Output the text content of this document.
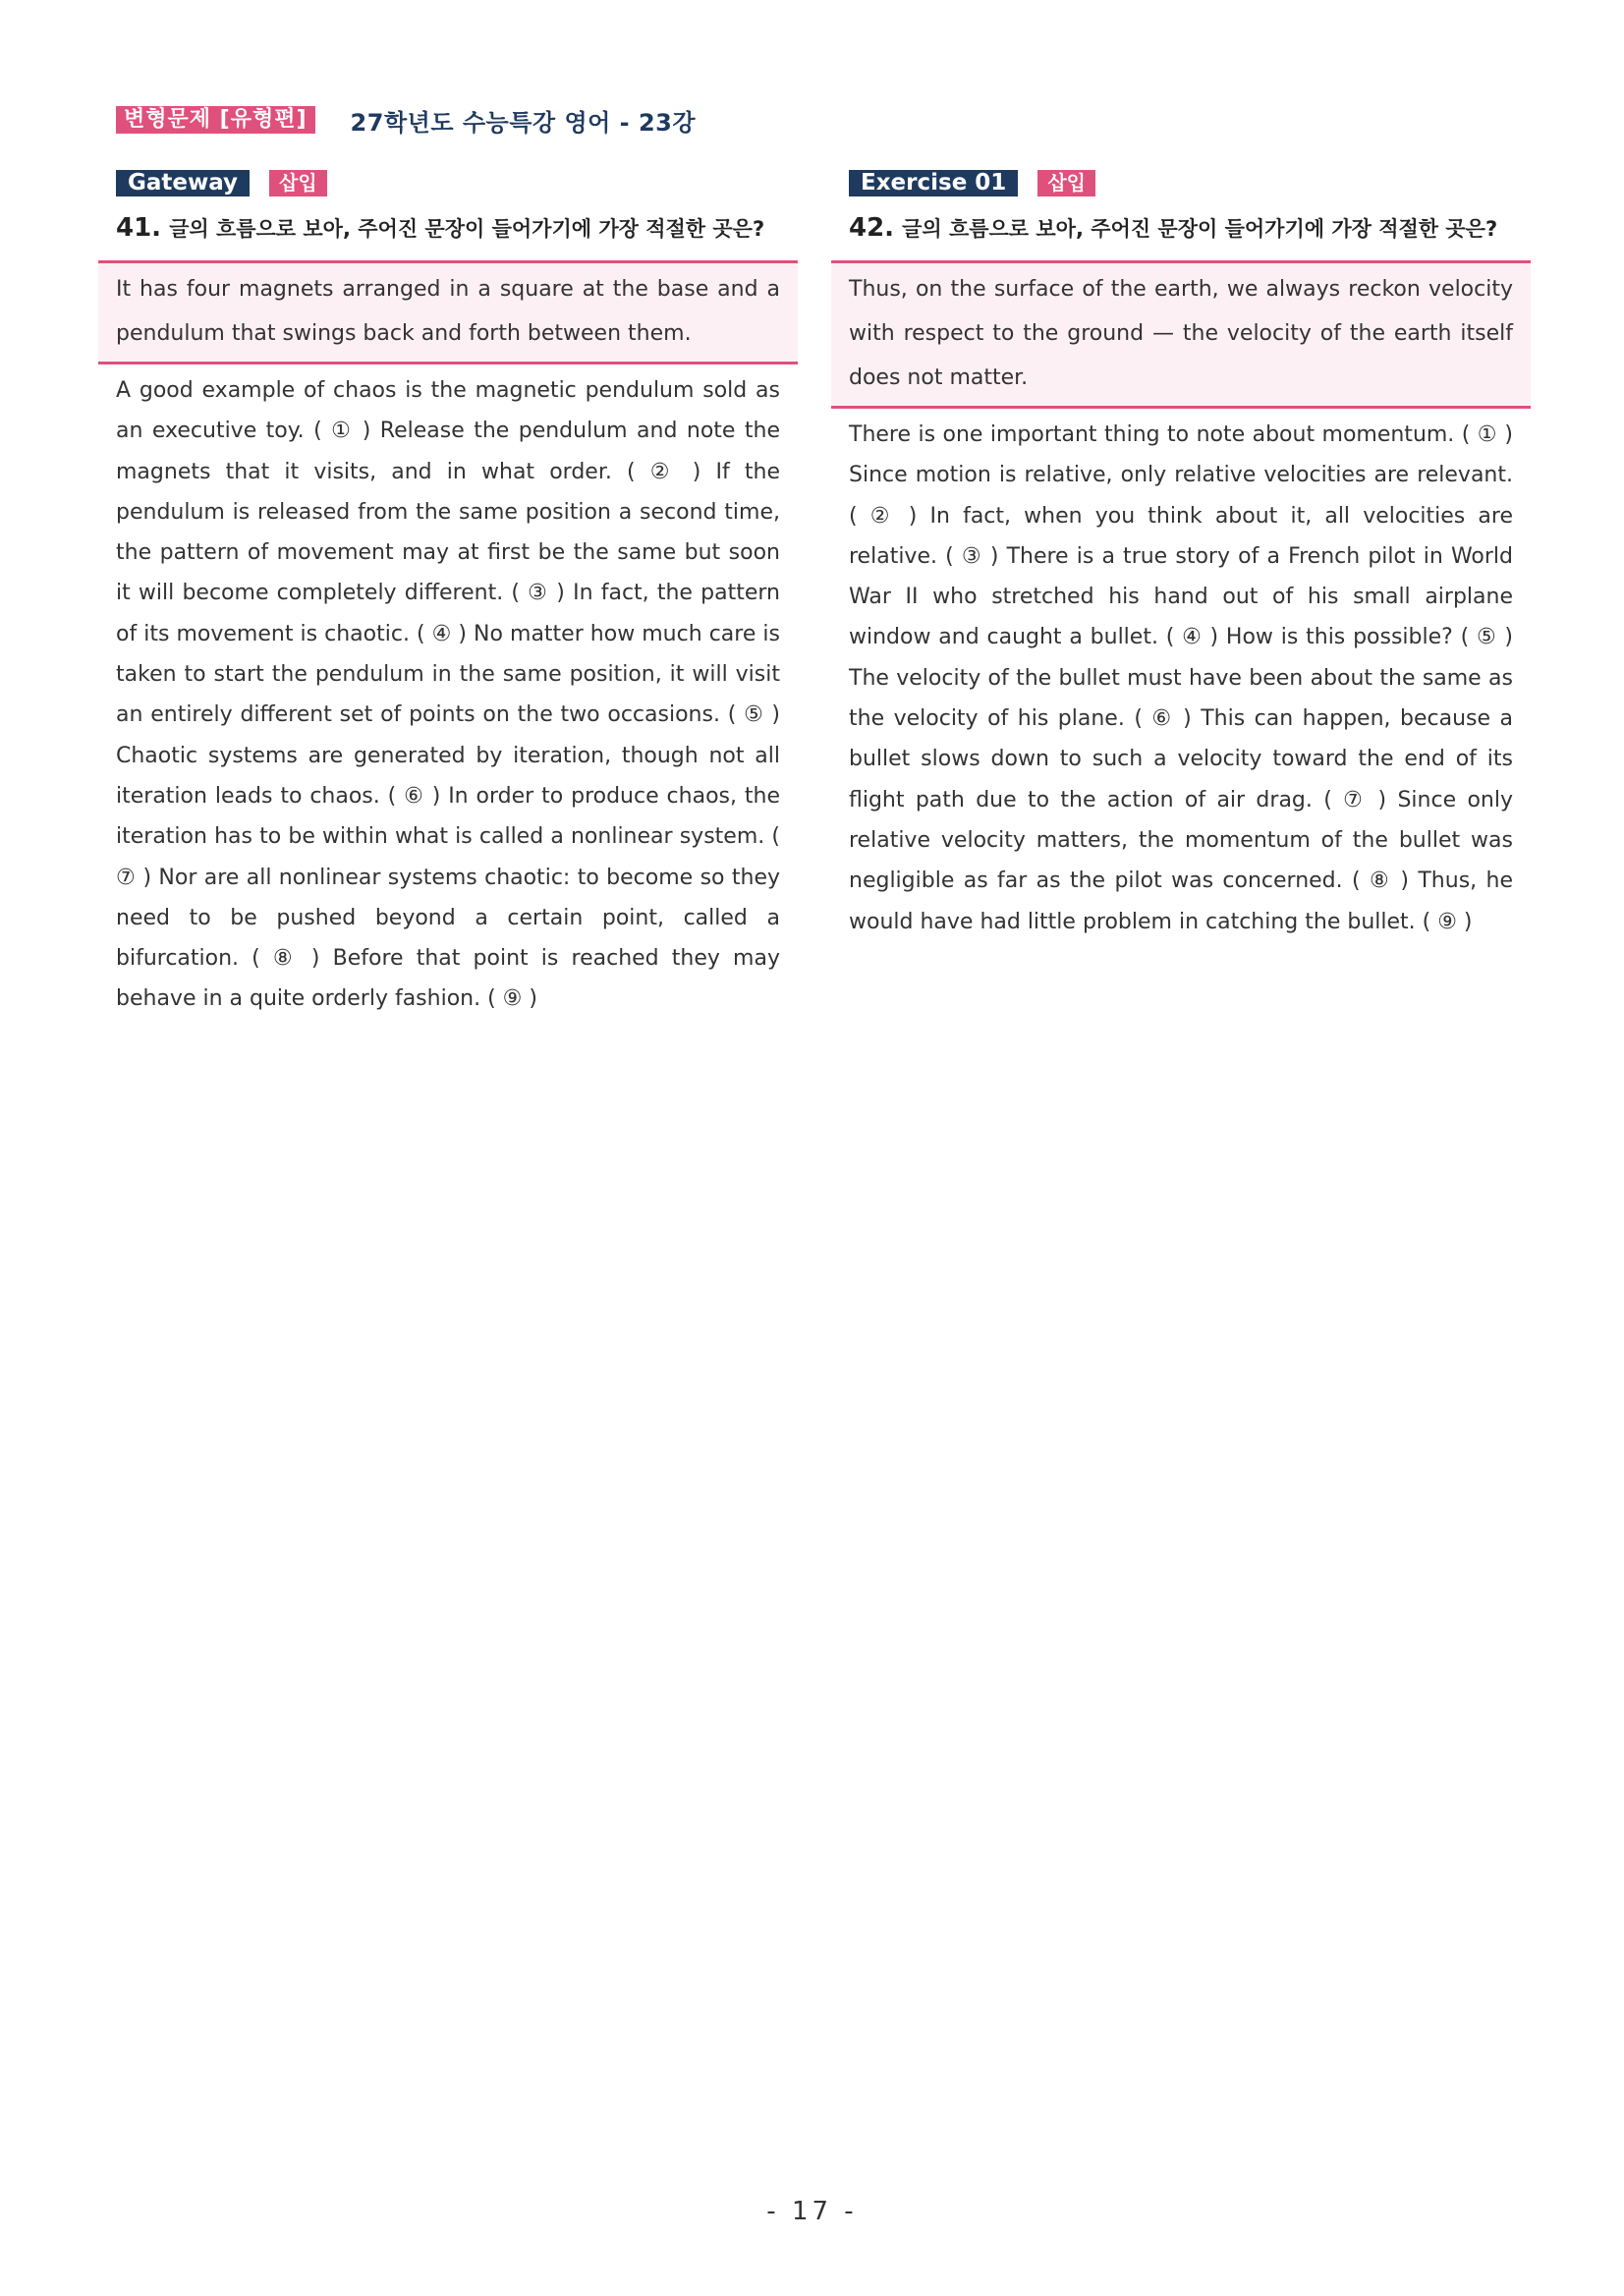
변형문제 [유형편]	27학년도 수능특강 영어 - 23강
Gateway	삽입
41. 글의 흐름으로 보아, 주어진 문장이 들어가기에 가장 적절한 곳은?
It has four magnets arranged in a square at the base and a pendulum that swings back and forth between them.
A good example of chaos is the magnetic pendulum sold as an executive toy. ( ① ) Release the pendulum and note the magnets that it visits, and in what order. ( ② ) If the pendulum is released from the same position a second time, the pattern of movement may at first be the same but soon it will become completely different. ( ③ ) In fact, the pattern of its movement is chaotic. ( ④ ) No matter how much care is taken to start the pendulum in the same position, it will visit an entirely different set of points on the two occasions. ( ⑤ ) Chaotic systems are generated by iteration, though not all iteration leads to chaos. ( ⑥ ) In order to produce chaos, the iteration has to be within what is called a nonlinear system. ( ⑦ ) Nor are all nonlinear systems chaotic: to become so they need to be pushed beyond a certain point, called a bifurcation. ( ⑧ ) Before that point is reached they may behave in a quite orderly fashion. ( ⑨ )
Exercise 01	삽입
42. 글의 흐름으로 보아, 주어진 문장이 들어가기에 가장 적절한 곳은?
Thus, on the surface of the earth, we always reckon velocity with respect to the ground — the velocity of the earth itself does not matter.
There is one important thing to note about momentum. ( ① ) Since motion is relative, only relative velocities are relevant. ( ② ) In fact, when you think about it, all velocities are relative. ( ③ ) There is a true story of a French pilot in World War II who stretched his hand out of his small airplane window and caught a bullet. ( ④ ) How is this possible? ( ⑤ ) The velocity of the bullet must have been about the same as the velocity of his plane. ( ⑥ ) This can happen, because a bullet slows down to such a velocity toward the end of its flight path due to the action of air drag. ( ⑦ ) Since only relative velocity matters, the momentum of the bullet was negligible as far as the pilot was concerned. ( ⑧ ) Thus, he would have had little problem in catching the bullet. ( ⑨ )
- 17 -
